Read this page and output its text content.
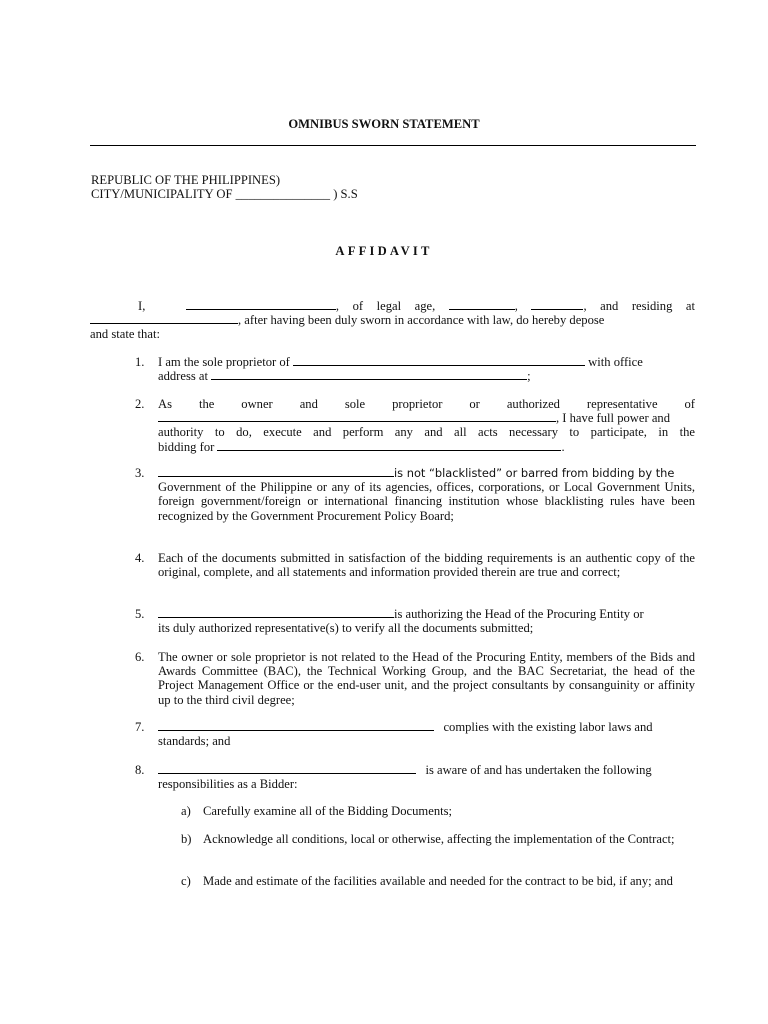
OMNIBUS SWORN STATEMENT
REPUBLIC OF THE PHILIPPINES)
CITY/MUNICIPALITY OF _______________ ) S.S
AFFIDAVIT
I,	, of legal age,	,	, and residing at
, after having been duly sworn in accordance with law, do hereby depose
and state that:
1.	I am the sole proprietor of	with office
address at	;
2.	As the owner and sole proprietor or authorized representative of
, I have full power and
authority to do, execute and perform any and all acts necessary to participate, in the
bidding for	.
3.	is not “blacklisted” or barred from bidding by the
Government of the Philippine or any of its agencies, offices, corporations, or Local Government Units, foreign government/foreign or international financing institution whose blacklisting rules have been recognized by the Government Procurement Policy Board;
4.	Each of the documents submitted in satisfaction of the bidding requirements is an authentic copy of the original, complete, and all statements and information provided therein are true and correct;
5.	is authorizing the Head of the Procuring Entity or
its duly authorized representative(s) to verify all the documents submitted;
6.	The owner or sole proprietor is not related to the Head of the Procuring Entity, members of the Bids and Awards Committee (BAC), the Technical Working Group, and the BAC Secretariat, the head of the Project Management Office or the end-user unit, and the project consultants by consanguinity or affinity up to the third civil degree;
7.	complies with the existing labor laws and
standards; and
8.	is aware of and has undertaken the following
responsibilities as a Bidder:
a) Carefully examine all of the Bidding Documents;
b) Acknowledge all conditions, local or otherwise, affecting the implementation of the Contract;
c) Made and estimate of the facilities available and needed for the contract to be bid, if any; and
